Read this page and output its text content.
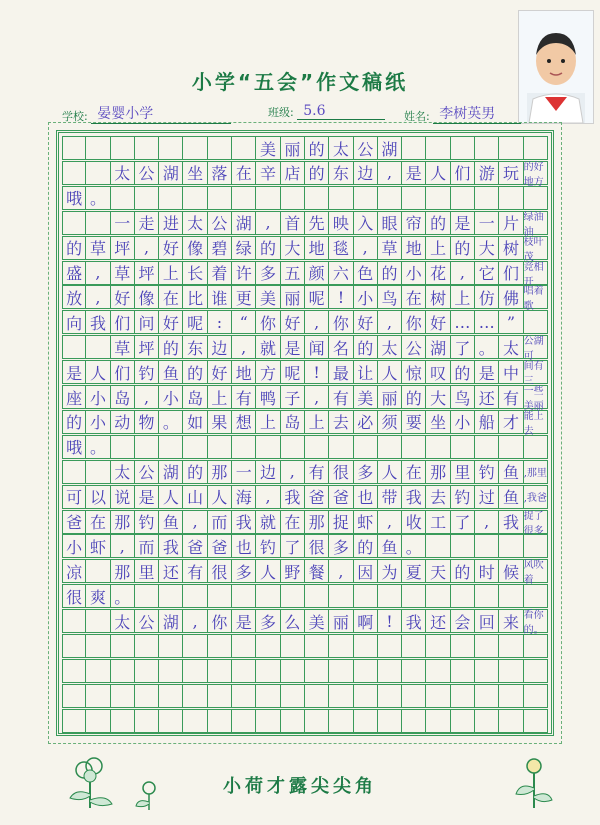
小学“五会”作文稿纸
学校: 晏婴小学	班级: 5.6	姓名: 李树英男
美 丽 的 太 公 湖
太 公 湖 坐 落 在 辛 店 的 东 边 , 是 人 们 游 玩 的好地方
哦 。
一 走 进 太 公 湖 , 首 先 映 入 眼 帘 的 是 一 片 绿油油
的 草 坪 , 好 像 碧 绿 的 大 地 毯 , 草 地 上 的 大 树 枝叶茂
盛 , 草 坪 上 长 着 许 多 五 颜 六 色 的 小 花 , 它 们 竞相开
放 , 好 像 在 比 谁 更 美 丽 呢 ! 小 鸟 在 树 上 仿 佛 唱着歌
向 我 们 问 好 呢 :	“ 你 好 , 你 好 , 你 好 … … ”
草 坪 的 东 边 , 就 是 闻 名 的 太 公 湖 了 。 太 公湖可
是 人 们 钓 鱼 的 好 地 方 呢 ! 最 让 人 惊 叹 的 是 中 间有三
座 小 岛 , 小 岛 上 有 鸭 子 , 有 美 丽 的 大 鸟 还 有 一些美丽
的 小 动 物 。 如 果 想 上 岛 上 去 必 须 要 坐 小 船 才 能上去
哦 。
太 公 湖 的 那 一 边 , 有 很 多 人 在 那 里 钓 鱼 ,那里
可 以 说 是 人 山 人 海 , 我 爸 爸 也 带 我 去 钓 过 鱼 ,我爸
爸 在 那 钓 鱼 , 而 我 就 在 那 捉 虾 , 收 工 了 , 我 捉了很多
小 虾 , 而 我 爸 爸 也 钓 了 很 多 的 鱼 。
凉 那 里 还 有 很 多 人 野 餐 , 因 为 夏 天 的 时 候 风吹着
很 爽 。
太 公 湖 , 你 是 多 么 美 丽 啊 ! 我 还 会 回 来 看你的。
小荷才露尖尖角
